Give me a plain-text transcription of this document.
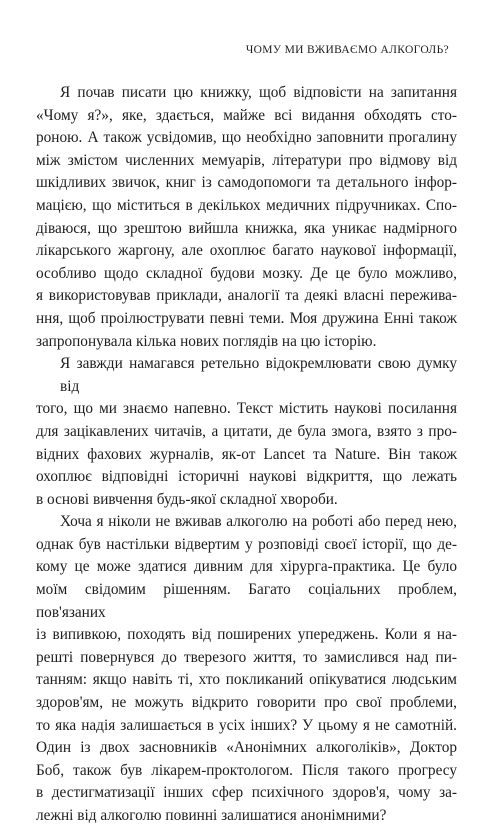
ЧОМУ МИ ВЖИВАЄМО АЛКОГОЛЬ?
Я почав писати цю книжку, щоб відповісти на запитання
«Чому я?», яке, здається, майже всі видання обходять сто-
роною. А також усвідомив, що необхідно заповнити прогалину
між змістом численних мемуарів, літератури про відмову від
шкідливих звичок, книг із самодопомоги та детального інфор-
мацією, що міститься в декількох медичних підручниках. Спо-
діваюся, що зрештою вийшла книжка, яка уникає надмірного
лікарського жаргону, але охоплює багато наукової інформації,
особливо щодо складної будови мозку. Де це було можливо,
я використовував приклади, аналогії та деякі власні пережива-
ння, щоб проілюструвати певні теми. Моя дружина Енні також
запропонувала кілька нових поглядів на цю історію.
Я завжди намагався ретельно відокремлювати свою думку від
того, що ми знаємо напевно. Текст містить наукові посилання
для зацікавлених читачів, а цитати, де була змога, взято з про-
відних фахових журналів, як-от Lancet та Nature. Він також
охоплює відповідні історичні наукові відкриття, що лежать
в основі вивчення будь-якої складної хвороби.
Хоча я ніколи не вживав алкоголю на роботі або перед нею,
однак був настільки відвертим у розповіді своєї історії, що де-
кому це може здатися дивним для хірурга-практика. Це було
моїм свідомим рішенням. Багато соціальних проблем, пов'язаних
із випивкою, походять від поширених упереджень. Коли я на-
решті повернувся до тверезого життя, то замислився над пи-
танням: якщо навіть ті, хто покликаний опікуватися людським
здоров'ям, не можуть відкрито говорити про свої проблеми,
то яка надія залишається в усіх інших? У цьому я не самотній.
Один із двох засновників «Анонімних алкоголіків», Доктор
Боб, також був лікарем-проктологом. Після такого прогресу
в дестигматизації інших сфер психічного здоров'я, чому за-
лежні від алкоголю повинні залишатися анонімними?
